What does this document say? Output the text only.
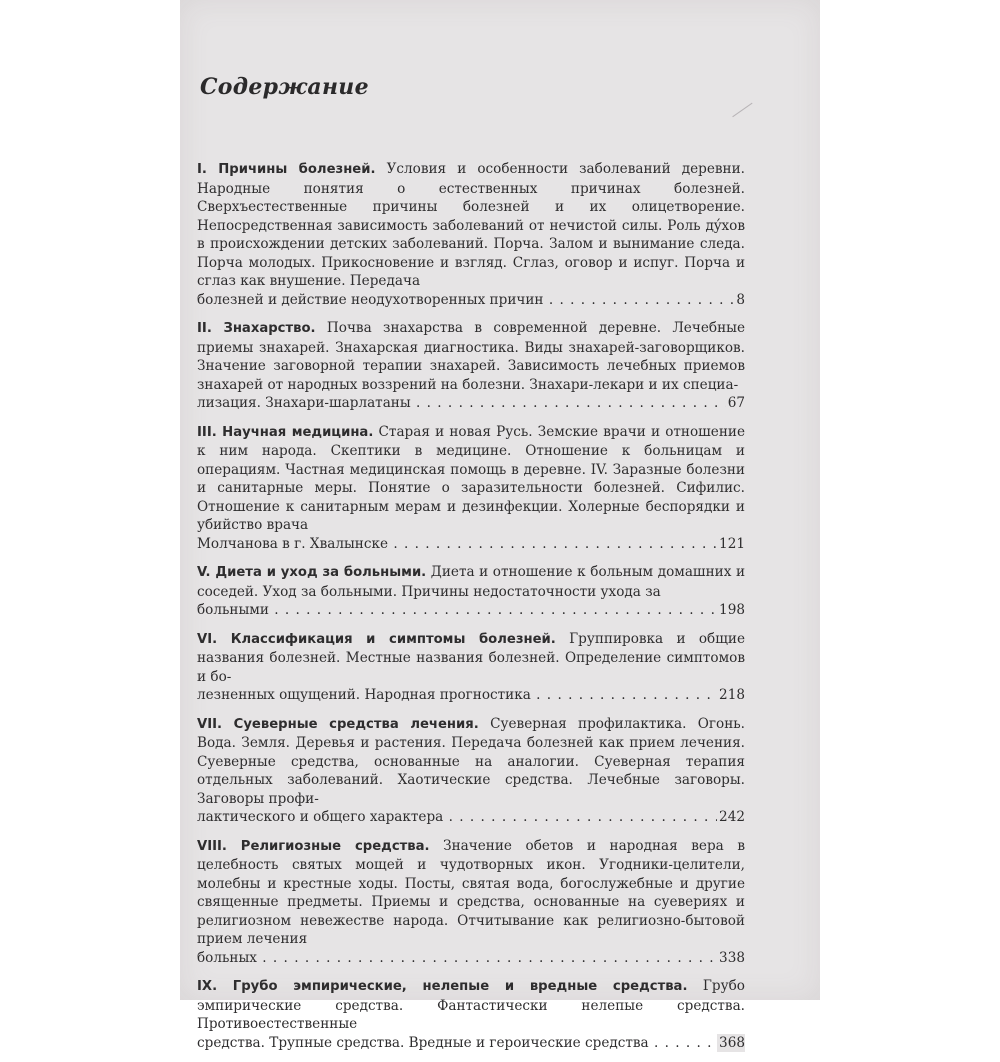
Содержание
I. Причины болезней. Условия и особенности заболеваний деревни. Народные понятия о естественных причинах болезней. Сверхъестественные причины болезней и их олицетворение. Непосредственная зависимость заболеваний от нечистой силы. Роль дýхов в происхождении детских заболеваний. Порча. Залом и вынимание следа. Порча молодых. Прикосновение и взгляд. Сглаз, оговор и испуг. Порча и сглаз как внушение. Передача
болезней и действие неодухотворенных причин . . .	8
II. Знахарство. Почва знахарства в современной деревне. Лечебные приемы знахарей. Знахарская диагностика. Виды знахарей-заговорщиков. Значение заговорной терапии знахарей. Зависимость лечебных приемов знахарей от народных воззрений на болезни. Знахари-лекари и их специа-
лизация. Знахари-шарлатаны . . .	67
III. Научная медицина. Старая и новая Русь. Земские врачи и отношение к ним народа. Скептики в медицине. Отношение к больницам и операциям. Частная медицинская помощь в деревне. IV. Заразные болезни и санитарные меры. Понятие о заразительности болезней. Сифилис. Отношение к санитарным мерам и дезинфекции. Холерные беспорядки и убийство врача
Молчанова в г. Хвалынске . . .	121
V. Диета и уход за больными. Диета и отношение к больным домашних и соседей. Уход за больными. Причины недостаточности ухода за
больными . . .	198
VI. Классификация и симптомы болезней. Группировка и общие названия болезней. Местные названия болезней. Определение симптомов и бо-
лезненных ощущений. Народная прогностика . . .	218
VII. Суеверные средства лечения. Суеверная профилактика. Огонь. Вода. Земля. Деревья и растения. Передача болезней как прием лечения. Суеверные средства, основанные на аналогии. Суеверная терапия отдельных заболеваний. Хаотические средства. Лечебные заговоры. Заговоры профи-
лактического и общего характера . . .	242
VIII. Религиозные средства. Значение обетов и народная вера в целебность святых мощей и чудотворных икон. Угодники-целители, молебны и крестные ходы. Посты, святая вода, богослужебные и другие священные предметы. Приемы и средства, основанные на суевериях и религиозном невежестве народа. Отчитывание как религиозно-бытовой прием лечения
больных . . .	338
IX. Грубо эмпирические, нелепые и вредные средства. Грубо эмпирические средства. Фантастически нелепые средства. Противоестественные
средства. Трупные средства. Вредные и героические средства . . .	368
